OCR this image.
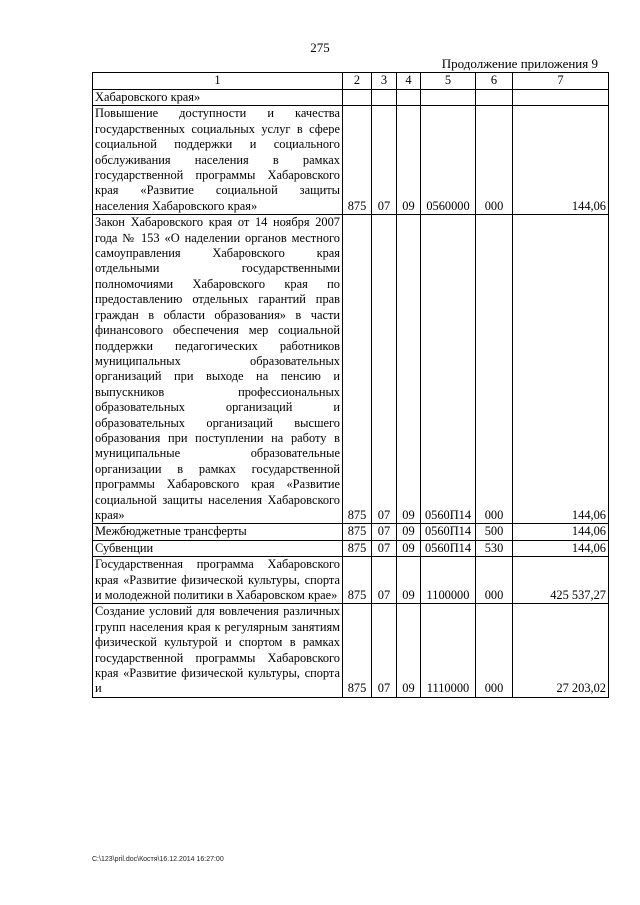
275
Продолжение приложения 9
1	2	3	4	5	6	7
Хабаровского края»						
Повышение доступности и качества государственных социальных услуг в сфере социальной поддержки и социального обслуживания населения в рамках государственной программы Хабаровского края «Развитие социальной защиты населения Хабаровского края»	875	07	09	0560000	000	144,06
Закон Хабаровского края от 14 ноября 2007 года № 153 «О наделении органов местного самоуправления Хабаровского края отдельными государственными полномочиями Хабаровского края по предоставлению отдельных гарантий прав граждан в области образования» в части финансового обеспечения мер социальной поддержки педагогических работников муниципальных образовательных организаций при выходе на пенсию и выпускников профессиональных образовательных организаций и образовательных организаций высшего образования при поступлении на работу в муниципальные образовательные организации в рамках государственной программы Хабаровского края «Развитие социальной защиты населения Хабаровского края»	875	07	09	0560П14	000	144,06
Межбюджетные трансферты	875	07	09	0560П14	500	144,06
Субвенции	875	07	09	0560П14	530	144,06
Государственная программа Хабаровского края «Развитие физической культуры, спорта и молодежной политики в Хабаровском крае»	875	07	09	1100000	000	425 537,27
Создание условий для вовлечения различных групп населения края к регулярным занятиям физической культурой и спортом в рамках государственной программы Хабаровского края «Развитие физической культуры, спорта и	875	07	09	1110000	000	27 203,02
C:\123\pril.doc\Костя\16.12.2014 16:27:00
